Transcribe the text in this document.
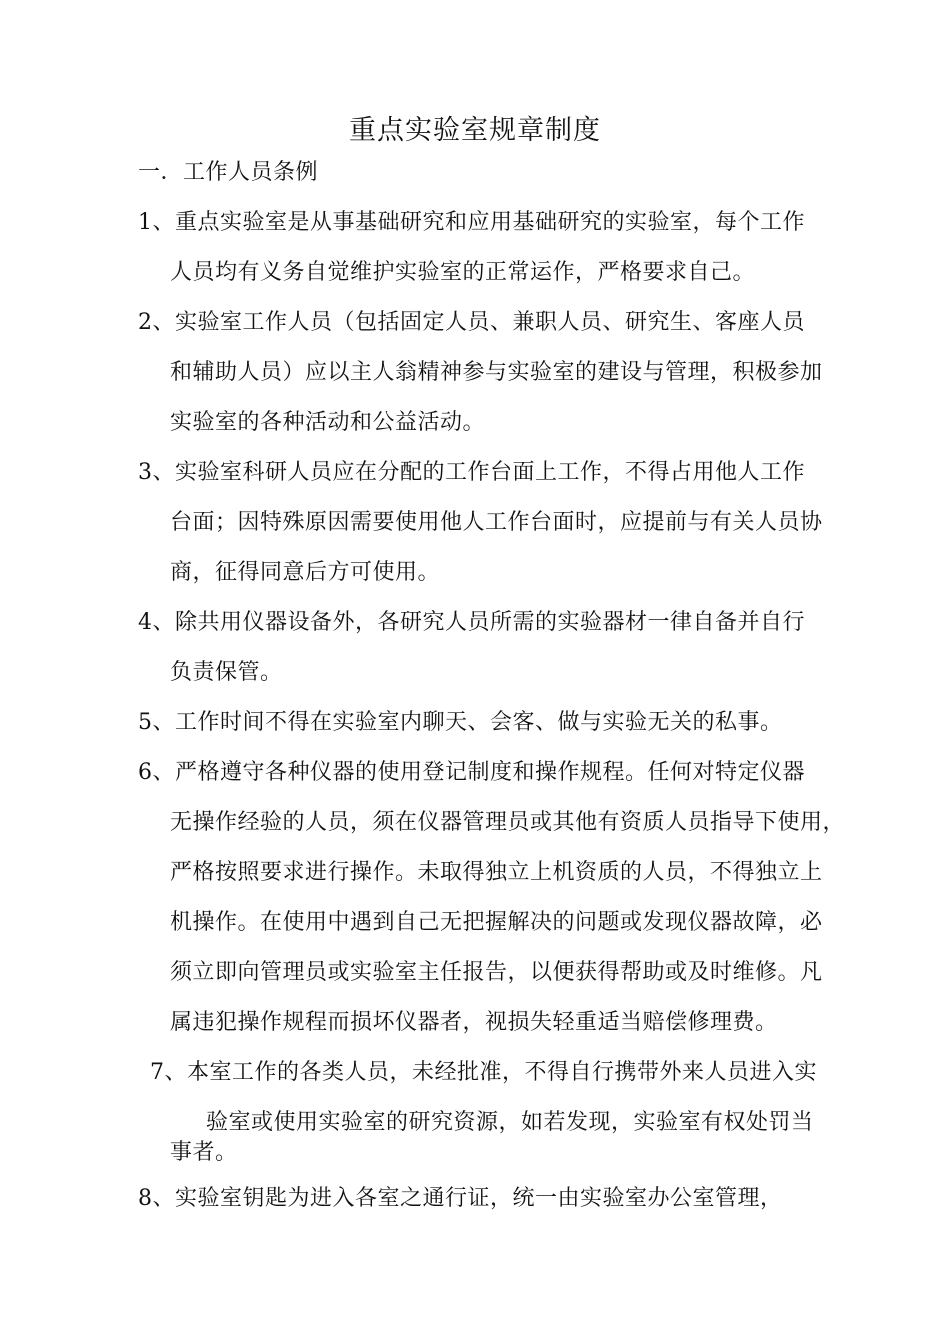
重点实验室规章制度
一．工作人员条例
1、重点实验室是从事基础研究和应用基础研究的实验室，每个工作
人员均有义务自觉维护实验室的正常运作，严格要求自己。
2、实验室工作人员（包括固定人员、兼职人员、研究生、客座人员
和辅助人员）应以主人翁精神参与实验室的建设与管理，积极参加
实验室的各种活动和公益活动。
3、实验室科研人员应在分配的工作台面上工作，不得占用他人工作
台面；因特殊原因需要使用他人工作台面时，应提前与有关人员协
商，征得同意后方可使用。
4、除共用仪器设备外，各研究人员所需的实验器材一律自备并自行
负责保管。
5、工作时间不得在实验室内聊天、会客、做与实验无关的私事。
6、严格遵守各种仪器的使用登记制度和操作规程。任何对特定仪器
无操作经验的人员，须在仪器管理员或其他有资质人员指导下使用，
严格按照要求进行操作。未取得独立上机资质的人员，不得独立上
机操作。在使用中遇到自己无把握解决的问题或发现仪器故障，必
须立即向管理员或实验室主任报告，以便获得帮助或及时维修。凡
属违犯操作规程而损坏仪器者，视损失轻重适当赔偿修理费。
7、本室工作的各类人员，未经批准，不得自行携带外来人员进入实
验室或使用实验室的研究资源，如若发现，实验室有权处罚当
事者。
8、实验室钥匙为进入各室之通行证，统一由实验室办公室管理，
